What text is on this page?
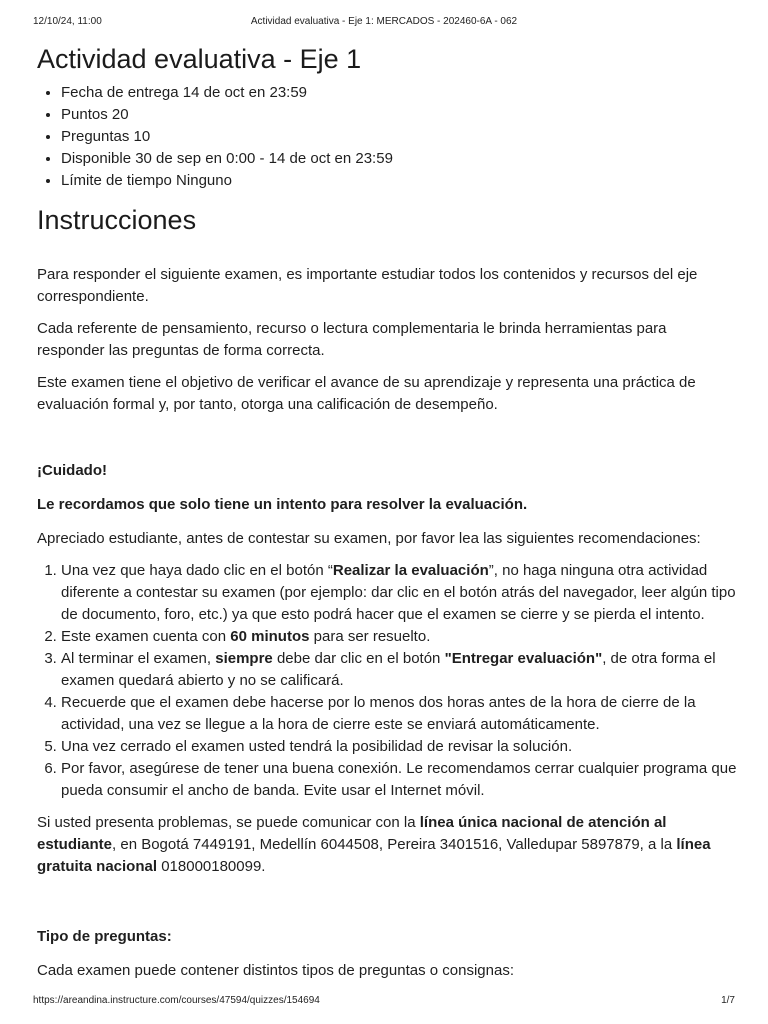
12/10/24, 11:00	Actividad evaluativa - Eje 1: MERCADOS - 202460-6A - 062
Actividad evaluativa - Eje 1
• Fecha de entrega 14 de oct en 23:59
• Puntos 20
• Preguntas 10
• Disponible 30 de sep en 0:00 - 14 de oct en 23:59
• Límite de tiempo Ninguno
Instrucciones

Para responder el siguiente examen, es importante estudiar todos los contenidos y recursos del eje correspondiente.

Cada referente de pensamiento, recurso o lectura complementaria le brinda herramientas para responder las preguntas de forma correcta.

Este examen tiene el objetivo de verificar el avance de su aprendizaje y representa una práctica de evaluación formal y, por tanto, otorga una calificación de desempeño.

¡Cuidado!

Le recordamos que solo tiene un intento para resolver la evaluación.

Apreciado estudiante, antes de contestar su examen, por favor lea las siguientes recomendaciones:

1. Una vez que haya dado clic en el botón “Realizar la evaluación”, no haga ninguna otra actividad diferente a contestar su examen (por ejemplo: dar clic en el botón atrás del navegador, leer algún tipo de documento, foro, etc.) ya que esto podrá hacer que el examen se cierre y se pierda el intento.
2. Este examen cuenta con 60 minutos para ser resuelto.
3. Al terminar el examen, siempre debe dar clic en el botón "Entregar evaluación", de otra forma el examen quedará abierto y no se calificará.
4. Recuerde que el examen debe hacerse por lo menos dos horas antes de la hora de cierre de la actividad, una vez se llegue a la hora de cierre este se enviará automáticamente.
5. Una vez cerrado el examen usted tendrá la posibilidad de revisar la solución.
6. Por favor, asegúrese de tener una buena conexión. Le recomendamos cerrar cualquier programa que pueda consumir el ancho de banda. Evite usar el Internet móvil.

Si usted presenta problemas, se puede comunicar con la línea única nacional de atención al estudiante, en Bogotá 7449191, Medellín 6044508, Pereira 3401516, Valledupar 5897879, a la línea gratuita nacional 018000180099.

Tipo de preguntas:

Cada examen puede contener distintos tipos de preguntas o consignas:

https://areandina.instructure.com/courses/47594/quizzes/154694	1/7
